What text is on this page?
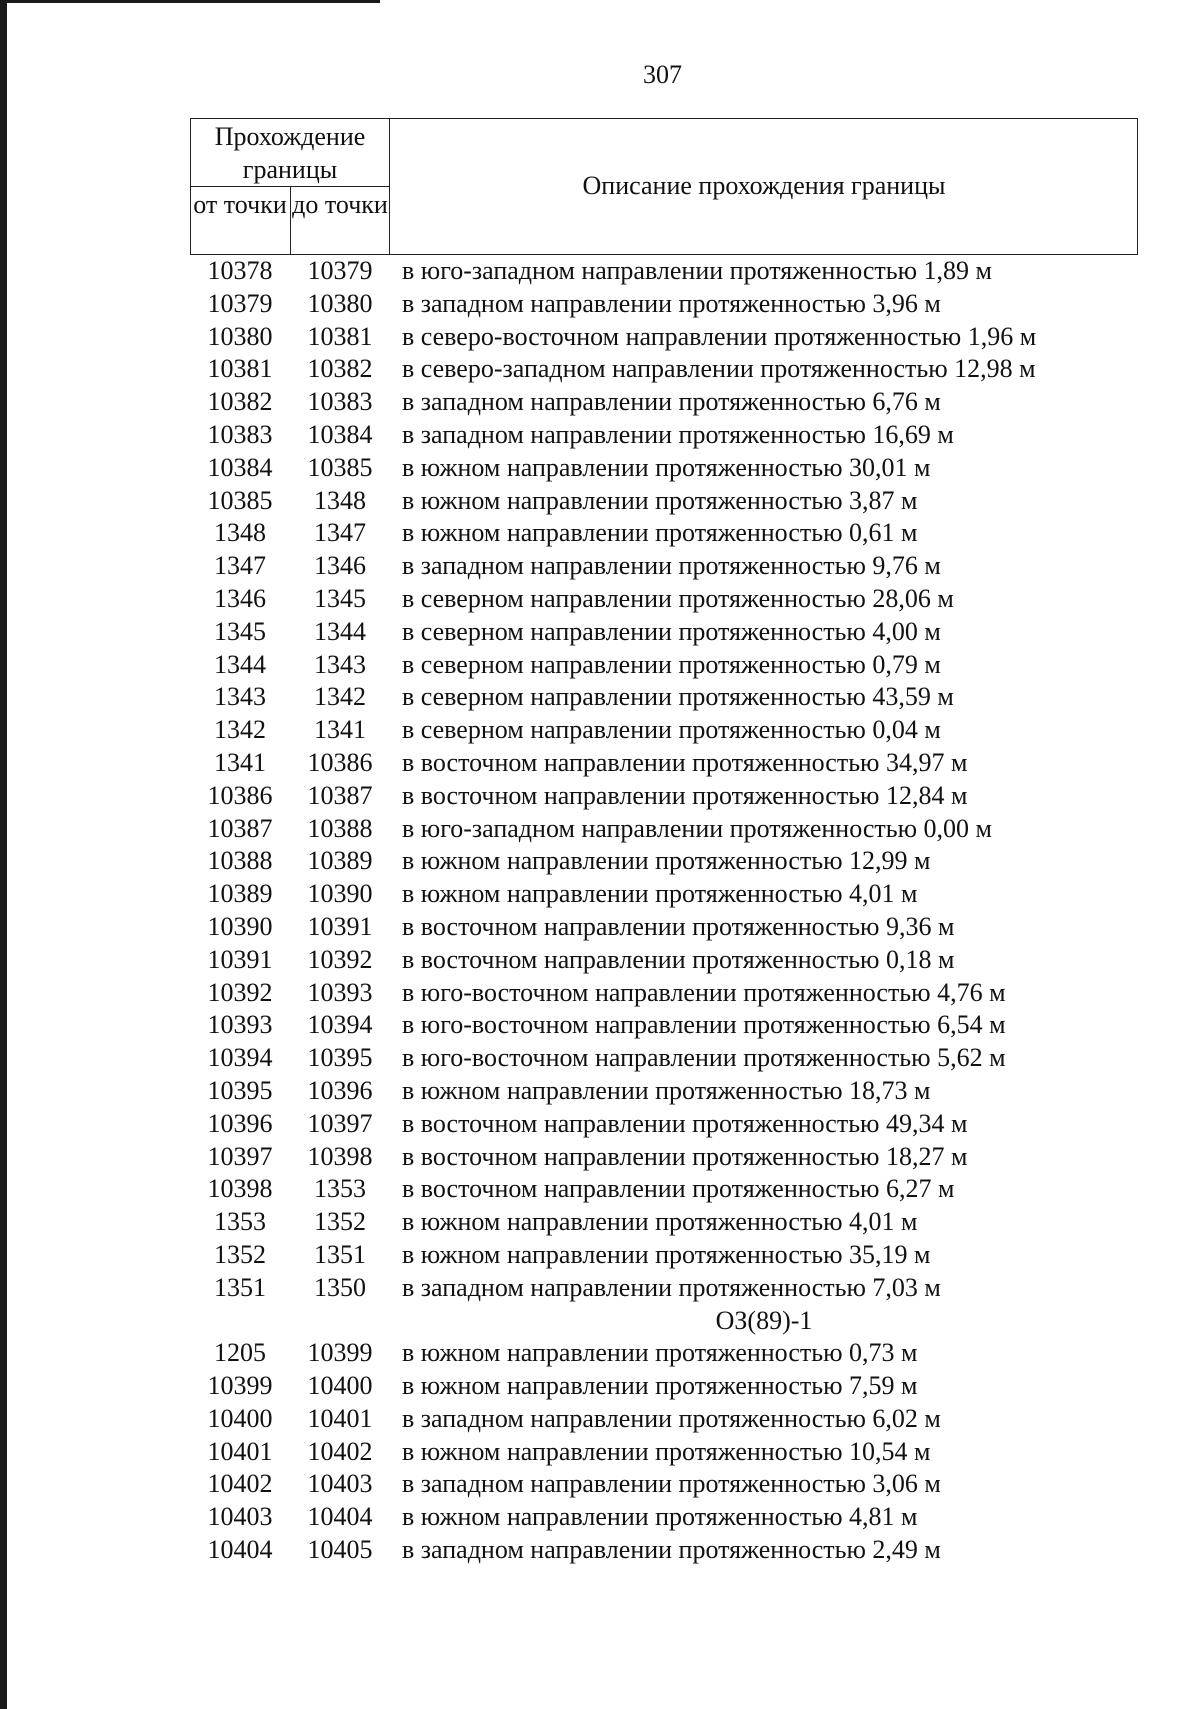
307
Прохождение границы
от точки до точки
Описание прохождения границы
10378	10379	в юго-западном направлении протяженностью 1,89 м
10379	10380	в западном направлении протяженностью 3,96 м
10380	10381	в северо-восточном направлении протяженностью 1,96 м
10381	10382	в северо-западном направлении протяженностью 12,98 м
10382	10383	в западном направлении протяженностью 6,76 м
10383	10384	в западном направлении протяженностью 16,69 м
10384	10385	в южном направлении протяженностью 30,01 м
10385	1348	в южном направлении протяженностью 3,87 м
1348	1347	в южном направлении протяженностью 0,61 м
1347	1346	в западном направлении протяженностью 9,76 м
1346	1345	в северном направлении протяженностью 28,06 м
1345	1344	в северном направлении протяженностью 4,00 м
1344	1343	в северном направлении протяженностью 0,79 м
1343	1342	в северном направлении протяженностью 43,59 м
1342	1341	в северном направлении протяженностью 0,04 м
1341	10386	в восточном направлении протяженностью 34,97 м
10386	10387	в восточном направлении протяженностью 12,84 м
10387	10388	в юго-западном направлении протяженностью 0,00 м
10388	10389	в южном направлении протяженностью 12,99 м
10389	10390	в южном направлении протяженностью 4,01 м
10390	10391	в восточном направлении протяженностью 9,36 м
10391	10392	в восточном направлении протяженностью 0,18 м
10392	10393	в юго-восточном направлении протяженностью 4,76 м
10393	10394	в юго-восточном направлении протяженностью 6,54 м
10394	10395	в юго-восточном направлении протяженностью 5,62 м
10395	10396	в южном направлении протяженностью 18,73 м
10396	10397	в восточном направлении протяженностью 49,34 м
10397	10398	в восточном направлении протяженностью 18,27 м
10398	1353	в восточном направлении протяженностью 6,27 м
1353	1352	в южном направлении протяженностью 4,01 м
1352	1351	в южном направлении протяженностью 35,19 м
1351	1350	в западном направлении протяженностью 7,03 м
ОЗ(89)-1
1205	10399	в южном направлении протяженностью 0,73 м
10399	10400	в южном направлении протяженностью 7,59 м
10400	10401	в западном направлении протяженностью 6,02 м
10401	10402	в южном направлении протяженностью 10,54 м
10402	10403	в западном направлении протяженностью 3,06 м
10403	10404	в южном направлении протяженностью 4,81 м
10404	10405	в западном направлении протяженностью 2,49 м
